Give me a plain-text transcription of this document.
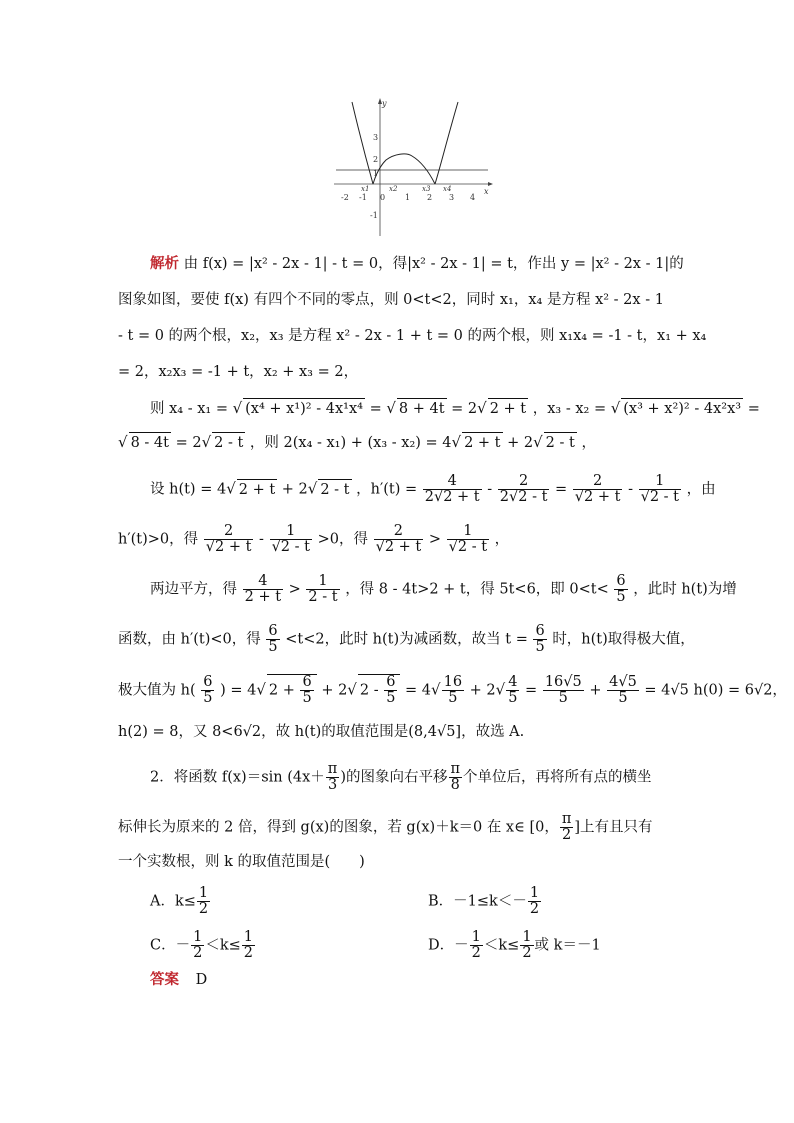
-2 -1 0 1 2 3 4
3
2
1
-1
x
y
x1	x2	x3 x4
解析 由 f(x) = |x² - 2x - 1| - t = 0，得|x² - 2x - 1| = t，作出 y = |x² - 2x - 1|的
图象如图，要使 f(x) 有四个不同的零点，则 0<t<2，同时 x₁，x₄ 是方程 x² - 2x - 1
- t = 0 的两个根，x₂，x₃ 是方程 x² - 2x - 1 + t = 0 的两个根，则 x₁x₄ = -1 - t，x₁ + x₄
= 2，x₂x₃ = -1 + t，x₂ + x₃ = 2，
则 x₄ - x₁ = √ (x⁴ + x¹)² - 4x¹x⁴ = √ 8 + 4t = 2√ 2 + t ，x₃ - x₂ = √ (x³ + x²)² - 4x²x³ =
√ 8 - 4t = 2√ 2 - t ，则 2(x₄ - x₁) + (x₃ - x₂) = 4√ 2 + t + 2√ 2 - t ，
设 h(t) = 4√ 2 + t + 2√ 2 - t ，$h'(t) = \frac{4}{2√2 + t} - \frac{2}{2√2 - t} = \frac{2}{√2 + t} - \frac{1}{√2 - t}$ ，由
h′(t)>0，得 $\frac{2}{√2 + t} - \frac{1}{√2 - t} >0$，得 $\frac{2}{√2 + t} > \frac{1}{√2 - t}$ ，
两边平方，得 $\frac{4}{2 + t} > \frac{1}{2 - t}$ ，得 8 - 4t>2 + t，得 5t<6，即 $0<t< \frac{6}{5}$ ，此时 h(t)为增
函数，由 h′(t)<0，得 $\frac{6}{5} <t<2$，此时 h(t)为减函数，故当 $t = \frac{6}{5}$ 时，h(t)取得极大值，
极大值为 $h( \frac{6}{5}$ ) = 4√ $2 + \frac{6}{5} + 2√$ $2 - \frac{6}{5} = 4√ \frac{16}{5} + 2√ \frac{4}{5} = \frac{16√5}{5} + \frac{4√5}{5} = 4√5$ h(0) = 6√2，
h(2) = 8，又 8<6√2，故 h(t)的取值范围是(8,4√5]，故选 A.
2．将函数 f(x)＝sin ($4x+ \frac{\pi}{3}$ )的图象向右平移 $\frac{\pi}{8}$ 个单位后，再将所有点的横坐
标伸长为原来的 2 倍，得到 g(x)的图象，若 g(x)＋k＝0 在 x∈ [0， $\frac{\pi}{2}$ ]上有且只有
一个实数根，则 k 的取值范围是(　　)
A．$k\le \frac{1}{2}$	B．$-1\le k<- \frac{1}{2}$
C．－ $\frac{1}{2} <k\le \frac{1}{2}$	D．－ $\frac{1}{2} <k\le \frac{1}{2}$ 或 k＝－1
答案 D
